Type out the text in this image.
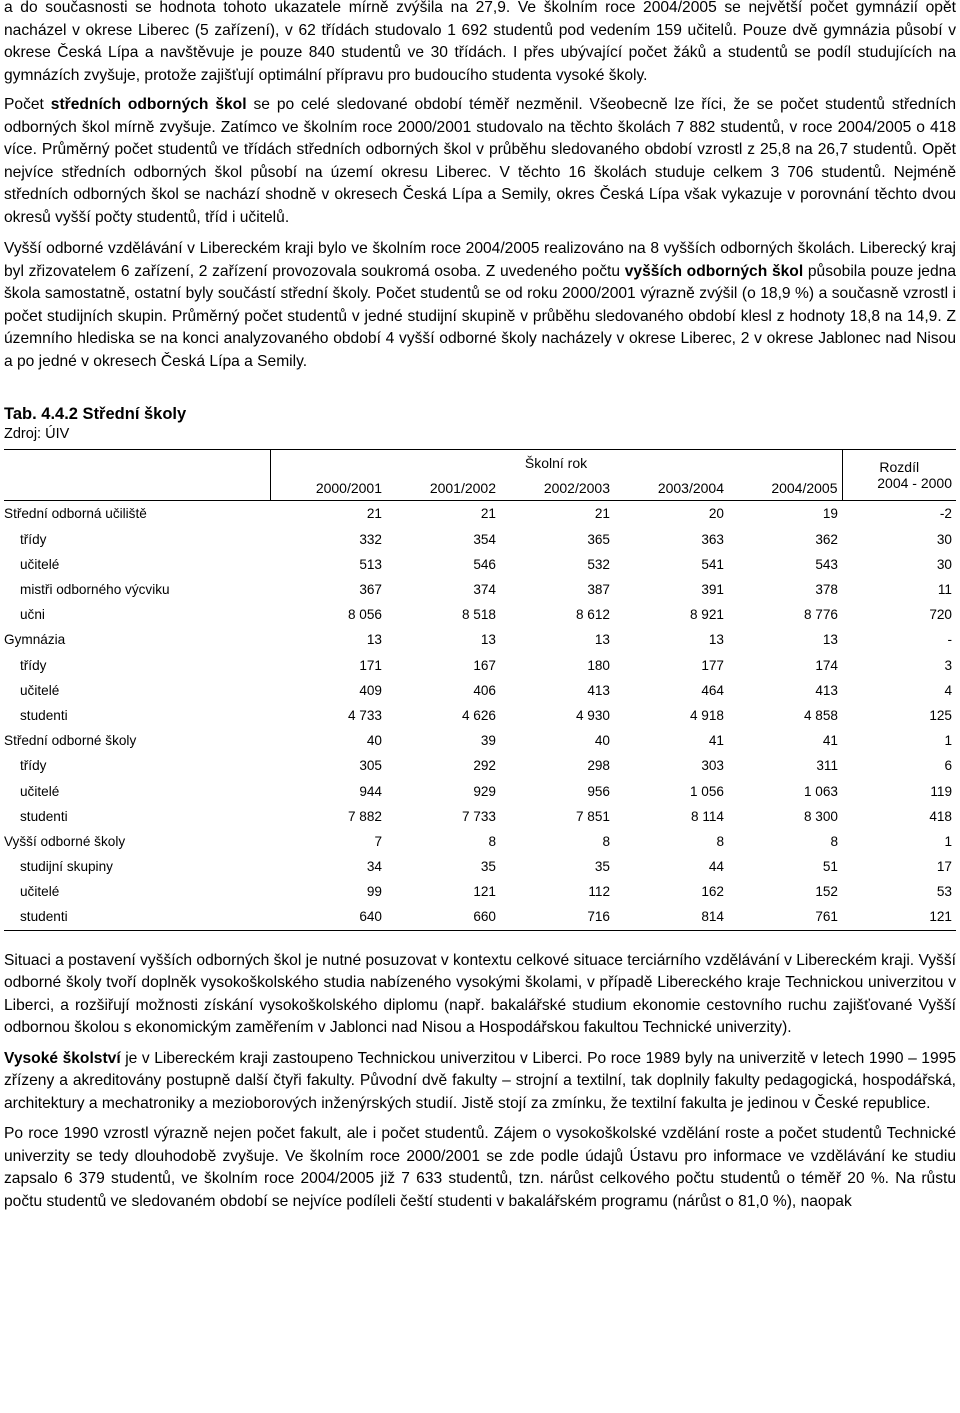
a do současnosti se hodnota tohoto ukazatele mírně zvýšila na 27,9. Ve školním roce 2004/2005 se největší počet gymnázií opět nacházel v okrese Liberec (5 zařízení), v 62 třídách studovalo 1 692 studentů pod vedením 159 učitelů. Pouze dvě gymnázia působí v okrese Česká Lípa a navštěvuje je pouze 840 studentů ve 30 třídách. I přes ubývající počet žáků a studentů se podíl studujících na gymnázích zvyšuje, protože zajišťují optimální přípravu pro budoucího studenta vysoké školy.

Počet středních odborných škol se po celé sledované období téměř nezměnil. Všeobecně lze říci, že se počet studentů středních odborných škol mírně zvyšuje. Zatímco ve školním roce 2000/2001 studovalo na těchto školách 7 882 studentů, v roce 2004/2005 o 418 více. Průměrný počet studentů ve třídách středních odborných škol v průběhu sledovaného období vzrostl z 25,8 na 26,7 studentů. Opět nejvíce středních odborných škol působí na území okresu Liberec. V těchto 16 školách studuje celkem 3 706 studentů. Nejméně středních odborných škol se nachází shodně v okresech Česká Lípa a Semily, okres Česká Lípa však vykazuje v porovnání těchto dvou okresů vyšší počty studentů, tříd i učitelů.

Vyšší odborné vzdělávání v Libereckém kraji bylo ve školním roce 2004/2005 realizováno na 8 vyšších odborných školách. Liberecký kraj byl zřizovatelem 6 zařízení, 2 zařízení provozovala soukromá osoba. Z uvedeného počtu vyšších odborných škol působila pouze jedna škola samostatně, ostatní byly součástí střední školy. Počet studentů se od roku 2000/2001 výrazně zvýšil (o 18,9 %) a současně vzrostl i počet studijních skupin. Průměrný počet studentů v jedné studijní skupině v průběhu sledovaného období klesl z hodnoty 18,8 na 14,9. Z územního hlediska se na konci analyzovaného období 4 vyšší odborné školy nacházely v okrese Liberec, 2 v okrese Jablonec nad Nisou a po jedné v okresech Česká Lípa a Semily.

Tab. 4.4.2 Střední školy
Zdroj: ÚIV
	Školní rok					Rozdíl
	2000/2001	2001/2002	2002/2003	2003/2004	2004/2005	2004 - 2000
Střední odborná učiliště	21	21	21	20	19	-2
třídy	332	354	365	363	362	30
učitelé	513	546	532	541	543	30
mistři odborného výcviku	367	374	387	391	378	11
učni	8 056	8 518	8 612	8 921	8 776	720
Gymnázia	13	13	13	13	13	-
třídy	171	167	180	177	174	3
učitelé	409	406	413	464	413	4
studenti	4 733	4 626	4 930	4 918	4 858	125
Střední odborné školy	40	39	40	41	41	1
třídy	305	292	298	303	311	6
učitelé	944	929	956	1 056	1 063	119
studenti	7 882	7 733	7 851	8 114	8 300	418
Vyšší odborné školy	7	8	8	8	8	1
studijní skupiny	34	35	35	44	51	17
učitelé	99	121	112	162	152	53
studenti	640	660	716	814	761	121

Situaci a postavení vyšších odborných škol je nutné posuzovat v kontextu celkové situace terciárního vzdělávání v Libereckém kraji. Vyšší odborné školy tvoří doplněk vysokoškolského studia nabízeného vysokými školami, v případě Libereckého kraje Technickou univerzitou v Liberci, a rozšiřují možnosti získání vysokoškolského diplomu (např. bakalářské studium ekonomie cestovního ruchu zajišťované Vyšší odbornou školou s ekonomickým zaměřením v Jablonci nad Nisou a Hospodářskou fakultou Technické univerzity).

Vysoké školství je v Libereckém kraji zastoupeno Technickou univerzitou v Liberci. Po roce 1989 byly na univerzitě v letech 1990 – 1995 zřízeny a akreditovány postupně další čtyři fakulty. Původní dvě fakulty – strojní a textilní, tak doplnily fakulty pedagogická, hospodářská, architektury a mechatroniky a mezioborových inženýrských studií. Jistě stojí za zmínku, že textilní fakulta je jedinou v České republice.

Po roce 1990 vzrostl výrazně nejen počet fakult, ale i počet studentů. Zájem o vysokoškolské vzdělání roste a počet studentů Technické univerzity se tedy dlouhodobě zvyšuje. Ve školním roce 2000/2001 se zde podle údajů Ústavu pro informace ve vzdělávání ke studiu zapsalo 6 379 studentů, ve školním roce 2004/2005 již 7 633 studentů, tzn. nárůst celkového počtu studentů o téměř 20 %. Na růstu počtu studentů ve sledovaném období se nejvíce podíleli čeští studenti v bakalářském programu (nárůst o 81,0 %), naopak
